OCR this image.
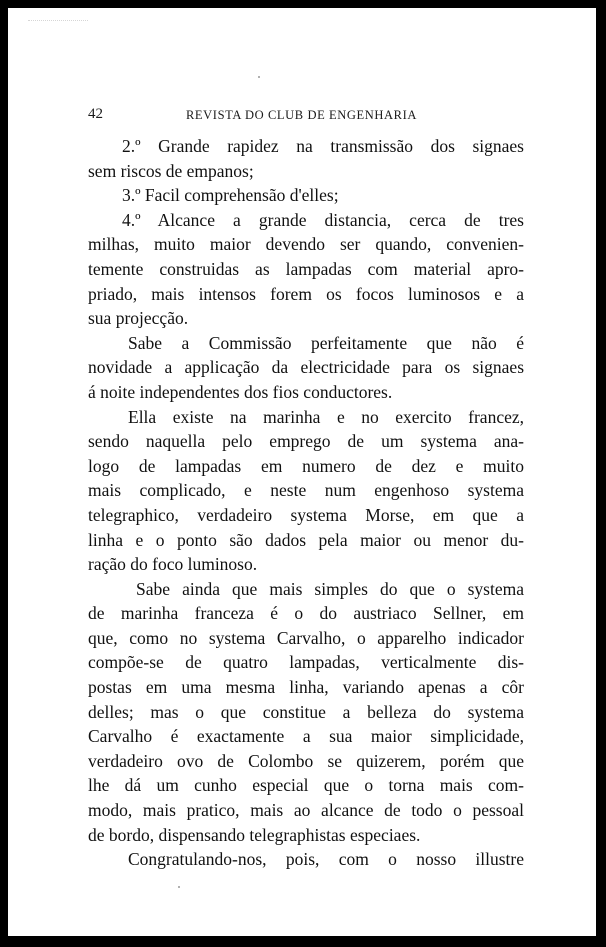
42	REVISTA DO CLUB DE ENGENHARIA
2.º Grande rapidez na transmissão dos signaes
sem riscos de empanos;
3.º Facil comprehensão d'elles;
4.º Alcance a grande distancia, cerca de tres
milhas, muito maior devendo ser quando, convenien-
temente construidas as lampadas com material apro-
priado, mais intensos forem os focos luminosos e a
sua projecção.
Sabe a Commissão perfeitamente que não é
novidade a applicação da electricidade para os signaes
á noite independentes dos fios conductores.
Ella existe na marinha e no exercito francez,
sendo naquella pelo emprego de um systema ana-
logo de lampadas em numero de dez e muito
mais complicado, e neste num engenhoso systema
telegraphico, verdadeiro systema Morse, em que a
linha e o ponto são dados pela maior ou menor du-
ração do foco luminoso.
Sabe ainda que mais simples do que o systema
de marinha franceza é o do austriaco Sellner, em
que, como no systema Carvalho, o apparelho indicador
compõe-se de quatro lampadas, verticalmente dis-
postas em uma mesma linha, variando apenas a côr
delles; mas o que constitue a belleza do systema
Carvalho é exactamente a sua maior simplicidade,
verdadeiro ovo de Colombo se quizerem, porém que
lhe dá um cunho especial que o torna mais com-
modo, mais pratico, mais ao alcance de todo o pessoal
de bordo, dispensando telegraphistas especiaes.
Congratulando-nos, pois, com o nosso illustre
